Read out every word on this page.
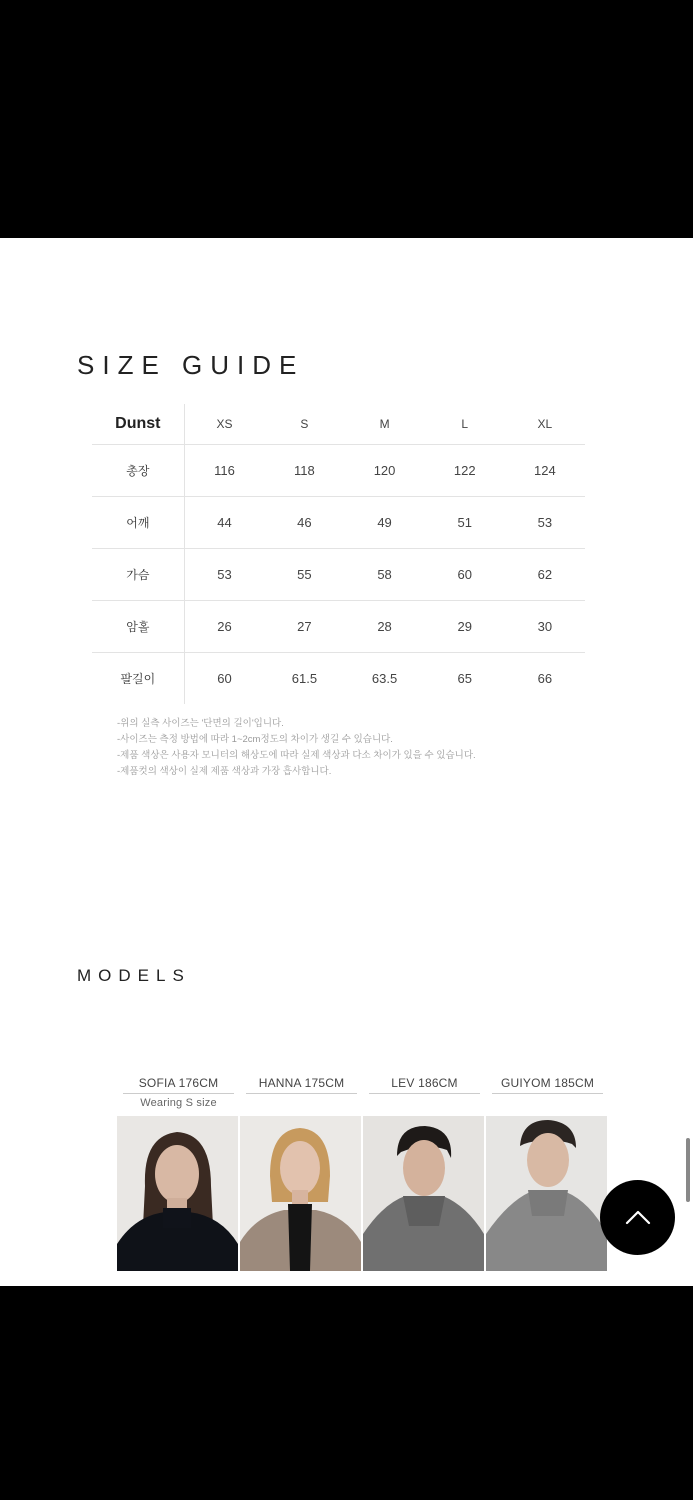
SIZE GUIDE
Dunst	XS	S	M	L	XL
총장	116	118	120	122	124
어깨	44	46	49	51	53
가슴	53	55	58	60	62
암홀	26	27	28	29	30
팔길이	60	61.5	63.5	65	66
-위의 실측 사이즈는 '단면의 길이'입니다.
-사이즈는 측정 방법에 따라 1~2cm정도의 차이가 생길 수 있습니다.
-제품 색상은 사용자 모니터의 해상도에 따라 실제 색상과 다소 차이가 있을 수 있습니다.
-제품컷의 색상이 실제 제품 색상과 가장 흡사합니다.
MODELS
SOFIA 176CM
Wearing S size
HANNA 175CM	LEV 186CM	GUIYOM 185CM
